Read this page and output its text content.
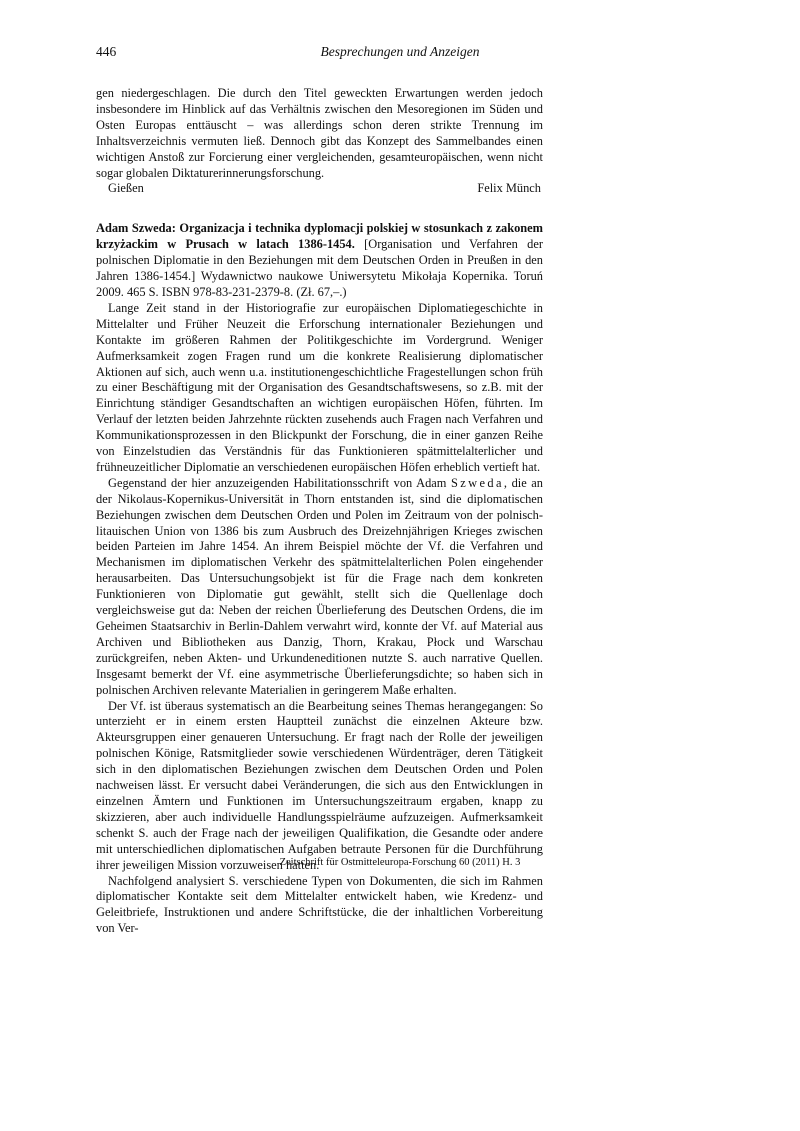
446	Besprechungen und Anzeigen

gen niedergeschlagen. Die durch den Titel geweckten Erwartungen werden jedoch insbesondere im Hinblick auf das Verhältnis zwischen den Mesoregionen im Süden und Osten Europas enttäuscht – was allerdings schon deren strikte Trennung im Inhaltsverzeichnis vermuten ließ. Dennoch gibt das Konzept des Sammelbandes einen wichtigen Anstoß zur Forcierung einer vergleichenden, gesamteuropäischen, wenn nicht sogar globalen Diktaturerinnerungsforschung.

Gießen	Felix Münch

Adam Szweda: Organizacja i technika dyplomacji polskiej w stosunkach z zakonem krzyżackim w Prusach w latach 1386-1454. [Organisation und Verfahren der polnischen Diplomatie in den Beziehungen mit dem Deutschen Orden in Preußen in den Jahren 1386-1454.] Wydawnictwo naukowe Uniwersytetu Mikołaja Kopernika. Toruń 2009. 465 S. ISBN 978-83-231-2379-8. (Zł. 67,–.)

Lange Zeit stand in der Historiografie zur europäischen Diplomatiegeschichte in Mittelalter und Früher Neuzeit die Erforschung internationaler Beziehungen und Kontakte im größeren Rahmen der Politikgeschichte im Vordergrund. Weniger Aufmerksamkeit zogen Fragen rund um die konkrete Realisierung diplomatischer Aktionen auf sich, auch wenn u.a. institutionengeschichtliche Fragestellungen schon früh zu einer Beschäftigung mit der Organisation des Gesandtschaftswesens, so z.B. mit der Einrichtung ständiger Gesandtschaften an wichtigen europäischen Höfen, führten. Im Verlauf der letzten beiden Jahrzehnte rückten zusehends auch Fragen nach Verfahren und Kommunikationsprozessen in den Blickpunkt der Forschung, die in einer ganzen Reihe von Einzelstudien das Verständnis für das Funktionieren spätmittelalterlicher und frühneuzeitlicher Diplomatie an verschiedenen europäischen Höfen erheblich vertieft hat.

Gegenstand der hier anzuzeigenden Habilitationsschrift von Adam Szweda, die an der Nikolaus-Kopernikus-Universität in Thorn entstanden ist, sind die diplomatischen Beziehungen zwischen dem Deutschen Orden und Polen im Zeitraum von der polnisch-litauischen Union von 1386 bis zum Ausbruch des Dreizehnjährigen Krieges zwischen beiden Parteien im Jahre 1454. An ihrem Beispiel möchte der Vf. die Verfahren und Mechanismen im diplomatischen Verkehr des spätmittelalterlichen Polen eingehender herausarbeiten. Das Untersuchungsobjekt ist für die Frage nach dem konkreten Funktionieren von Diplomatie gut gewählt, stellt sich die Quellenlage doch vergleichsweise gut da: Neben der reichen Überlieferung des Deutschen Ordens, die im Geheimen Staatsarchiv in Berlin-Dahlem verwahrt wird, konnte der Vf. auf Material aus Archiven und Bibliotheken aus Danzig, Thorn, Krakau, Płock und Warschau zurückgreifen, neben Akten- und Urkundeneditionen nutzte S. auch narrative Quellen. Insgesamt bemerkt der Vf. eine asymmetrische Überlieferungsdichte; so haben sich in polnischen Archiven relevante Materialien in geringerem Maße erhalten.

Der Vf. ist überaus systematisch an die Bearbeitung seines Themas herangegangen: So unterzieht er in einem ersten Hauptteil zunächst die einzelnen Akteure bzw. Akteursgruppen einer genaueren Untersuchung. Er fragt nach der Rolle der jeweiligen polnischen Könige, Ratsmitglieder sowie verschiedenen Würdenträger, deren Tätigkeit sich in den diplomatischen Beziehungen zwischen dem Deutschen Orden und Polen nachweisen lässt. Er versucht dabei Veränderungen, die sich aus den Entwicklungen in einzelnen Ämtern und Funktionen im Untersuchungszeitraum ergaben, knapp zu skizzieren, aber auch individuelle Handlungsspielräume aufzuzeigen. Aufmerksamkeit schenkt S. auch der Frage nach der jeweiligen Qualifikation, die Gesandte oder andere mit unterschiedlichen diplomatischen Aufgaben betraute Personen für die Durchführung ihrer jeweiligen Mission vorzuweisen hatten.

Nachfolgend analysiert S. verschiedene Typen von Dokumenten, die sich im Rahmen diplomatischer Kontakte seit dem Mittelalter entwickelt haben, wie Kredenz- und Geleitbriefe, Instruktionen und andere Schriftstücke, die der inhaltlichen Vorbereitung von Ver-

Zeitschrift für Ostmitteleuropa-Forschung 60 (2011) H. 3
